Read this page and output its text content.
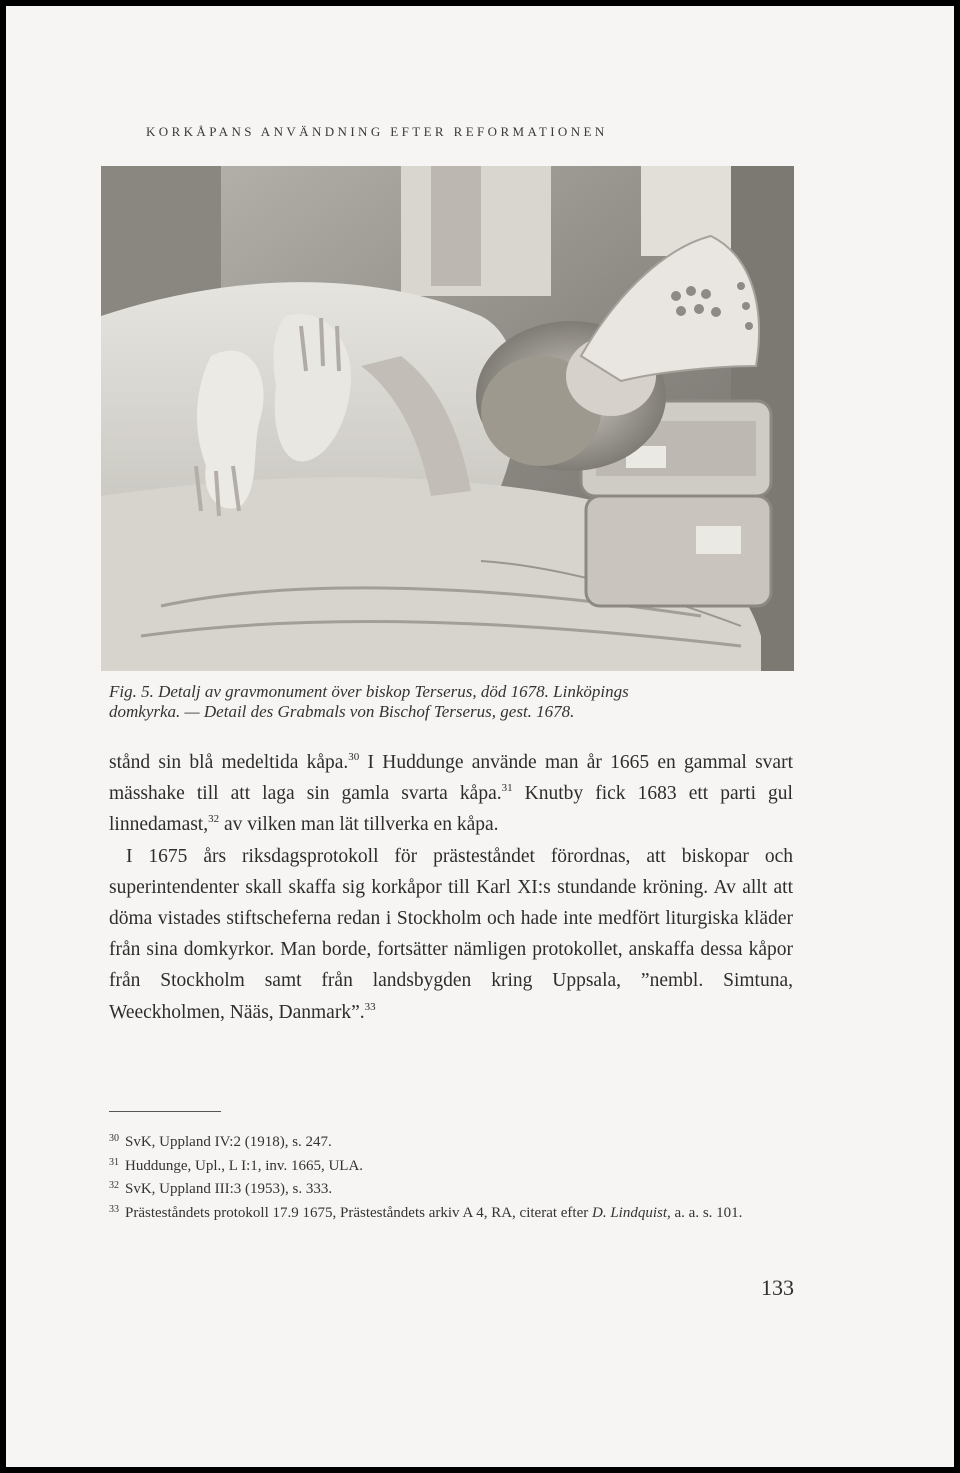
KORKÅPANS ANVÄNDNING EFTER REFORMATIONEN
Fig. 5. Detalj av gravmonument över biskop Terserus, död 1678. Linköpings
domkyrka. — Detail des Grabmals von Bischof Terserus, gest. 1678.

stånd sin blå medeltida kåpa.$^{30}$ I Huddunge använde man år 1665 en gammal svart mässhake till att laga sin gamla svarta kåpa.$^{31}$ Knutby fick 1683 ett parti gul linnedamast,$^{32}$ av vilken man lät tillverka en kåpa.

I 1675 års riksdagsprotokoll för prästeståndet förordnas, att biskopar och superintendenter skall skaffa sig korkåpor till Karl XI:s stundande kröning. Av allt att döma vistades stiftscheferna redan i Stockholm och hade inte medfört liturgiska kläder från sina domkyrkor. Man borde, fortsätter nämligen protokollet, anskaffa dessa kåpor från Stockholm samt från landsbygden kring Uppsala, ”nembl. Simtuna, Weeckholmen, Nääs, Danmark”.$^{33}$

$^{30}$ SvK, Uppland IV:2 (1918), s. 247.

$^{31}$ Huddunge, Upl., L I:1, inv. 1665, ULA.

$^{32}$ SvK, Uppland III:3 (1953), s. 333.

$^{33}$ Prästeståndets protokoll 17.9 1675, Prästeståndets arkiv A 4, RA, citerat efter D. Lindquist, a. a. s. 101.

133
